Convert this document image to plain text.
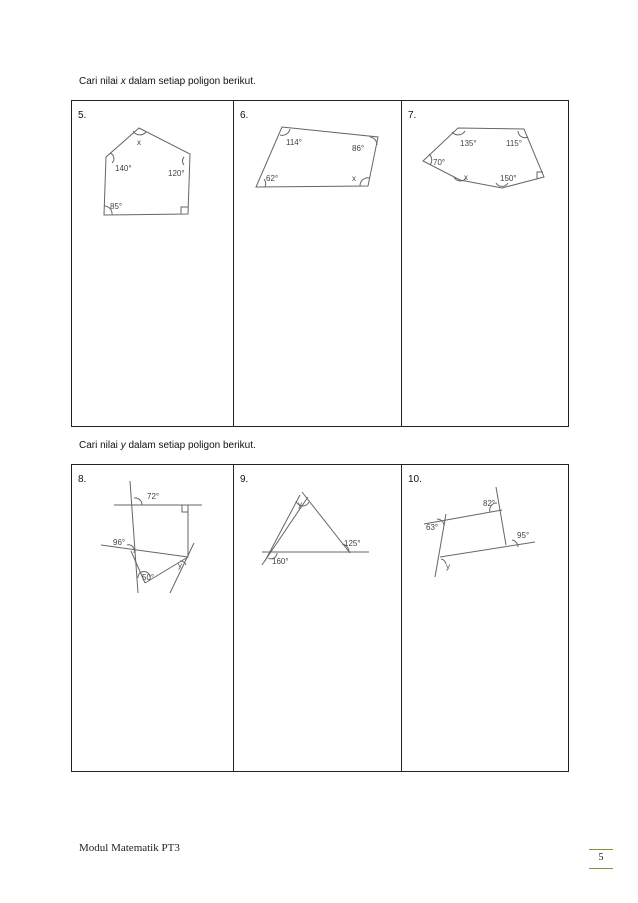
Cari nilai x dalam setiap poligon berikut.
5.
x
140°
120°
85°

6.
114°
86°
62°	x

7.
135°	115°
70°
x	150°
Cari nilai y dalam setiap poligon berikut.
8.
72°
96°
50°
y

9.
y
125°
160°

10.
82°
63°
95°
y
Modul Matematik PT3
5
